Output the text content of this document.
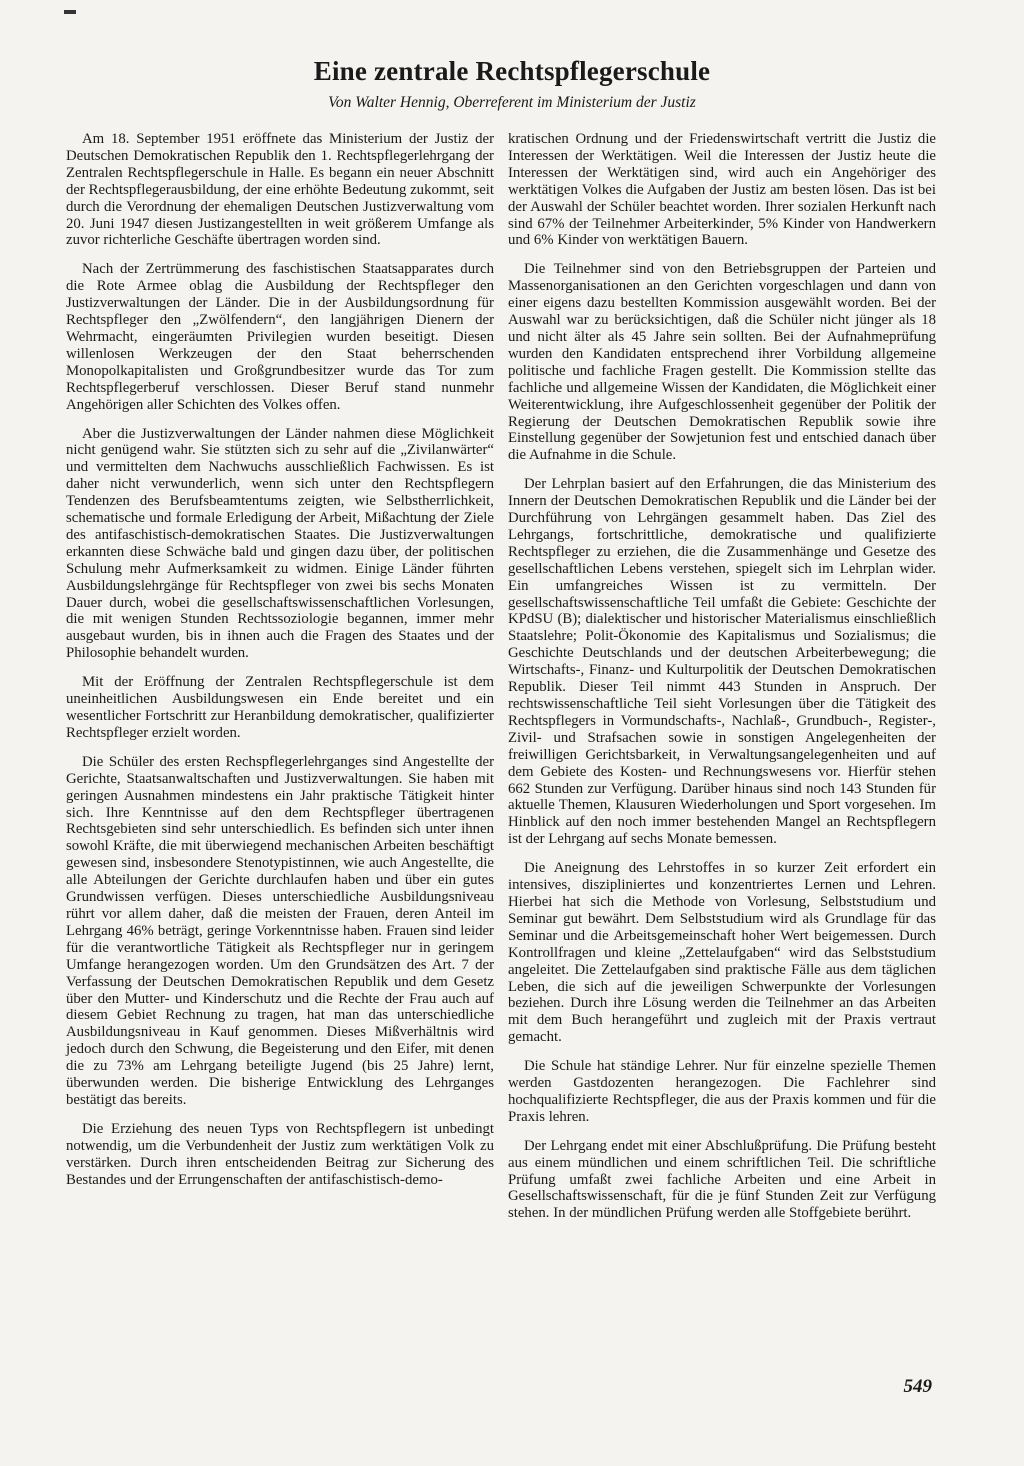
Eine zentrale Rechtspflegerschule
Von Walter Hennig, Oberreferent im Ministerium der Justiz

Am 18. September 1951 eröffnete das Ministerium der Justiz der Deutschen Demokratischen Republik den 1. Rechtspflegerlehrgang der Zentralen Rechtspflegerschule in Halle. Es begann ein neuer Abschnitt der Rechtspflegerausbildung, der eine erhöhte Bedeutung zukommt, seit durch die Verordnung der ehemaligen Deutschen Justizverwaltung vom 20. Juni 1947 diesen Justizangestellten in weit größerem Umfange als zuvor richterliche Geschäfte übertragen worden sind.

Nach der Zertrümmerung des faschistischen Staatsapparates durch die Rote Armee oblag die Ausbildung der Rechtspfleger den Justizverwaltungen der Länder. Die in der Ausbildungsordnung für Rechtspfleger den „Zwölfendern“, den langjährigen Dienern der Wehrmacht, eingeräumten Privilegien wurden beseitigt. Diesen willenlosen Werkzeugen der den Staat beherrschenden Monopolkapitalisten und Großgrundbesitzer wurde das Tor zum Rechtspflegerberuf verschlossen. Dieser Beruf stand nunmehr Angehörigen aller Schichten des Volkes offen.

Aber die Justizverwaltungen der Länder nahmen diese Möglichkeit nicht genügend wahr. Sie stützten sich zu sehr auf die „Zivilanwärter“ und vermittelten dem Nachwuchs ausschließlich Fachwissen. Es ist daher nicht verwunderlich, wenn sich unter den Rechtspflegern Tendenzen des Berufsbeamtentums zeigten, wie Selbstherrlichkeit, schematische und formale Erledigung der Arbeit, Mißachtung der Ziele des antifaschistisch-demokratischen Staates. Die Justizverwaltungen erkannten diese Schwäche bald und gingen dazu über, der politischen Schulung mehr Aufmerksamkeit zu widmen. Einige Länder führten Ausbildungslehrgänge für Rechtspfleger von zwei bis sechs Monaten Dauer durch, wobei die gesellschaftswissenschaftlichen Vorlesungen, die mit wenigen Stunden Rechtssoziologie begannen, immer mehr ausgebaut wurden, bis in ihnen auch die Fragen des Staates und der Philosophie behandelt wurden.

Mit der Eröffnung der Zentralen Rechtspflegerschule ist dem uneinheitlichen Ausbildungswesen ein Ende bereitet und ein wesentlicher Fortschritt zur Heranbildung demokratischer, qualifizierter Rechtspfleger erzielt worden.

Die Schüler des ersten Rechspflegerlehrganges sind Angestellte der Gerichte, Staatsanwaltschaften und Justizverwaltungen. Sie haben mit geringen Ausnahmen mindestens ein Jahr praktische Tätigkeit hinter sich. Ihre Kenntnisse auf den dem Rechtspfleger übertragenen Rechtsgebieten sind sehr unterschiedlich. Es befinden sich unter ihnen sowohl Kräfte, die mit überwiegend mechanischen Arbeiten beschäftigt gewesen sind, insbesondere Stenotypistinnen, wie auch Angestellte, die alle Abteilungen der Gerichte durchlaufen haben und über ein gutes Grundwissen verfügen. Dieses unterschiedliche Ausbildungsniveau rührt vor allem daher, daß die meisten der Frauen, deren Anteil im Lehrgang 46% beträgt, geringe Vorkenntnisse haben. Frauen sind leider für die verantwortliche Tätigkeit als Rechtspfleger nur in geringem Umfange herangezogen worden. Um den Grundsätzen des Art. 7 der Verfassung der Deutschen Demokratischen Republik und dem Gesetz über den Mutter- und Kinderschutz und die Rechte der Frau auch auf diesem Gebiet Rechnung zu tragen, hat man das unterschiedliche Ausbildungsniveau in Kauf genommen. Dieses Mißverhältnis wird jedoch durch den Schwung, die Begeisterung und den Eifer, mit denen die zu 73% am Lehrgang beteiligte Jugend (bis 25 Jahre) lernt, überwunden werden. Die bisherige Entwicklung des Lehrganges bestätigt das bereits.

Die Erziehung des neuen Typs von Rechtspflegern ist unbedingt notwendig, um die Verbundenheit der Justiz zum werktätigen Volk zu verstärken. Durch ihren entscheidenden Beitrag zur Sicherung des Bestandes und der Errungenschaften der antifaschistisch-demo-

kratischen Ordnung und der Friedenswirtschaft vertritt die Justiz die Interessen der Werktätigen. Weil die Interessen der Justiz heute die Interessen der Werktätigen sind, wird auch ein Angehöriger des werktätigen Volkes die Aufgaben der Justiz am besten lösen. Das ist bei der Auswahl der Schüler beachtet worden. Ihrer sozialen Herkunft nach sind 67% der Teilnehmer Arbeiterkinder, 5% Kinder von Handwerkern und 6% Kinder von werktätigen Bauern.

Die Teilnehmer sind von den Betriebsgruppen der Parteien und Massenorganisationen an den Gerichten vorgeschlagen und dann von einer eigens dazu bestellten Kommission ausgewählt worden. Bei der Auswahl war zu berücksichtigen, daß die Schüler nicht jünger als 18 und nicht älter als 45 Jahre sein sollten. Bei der Aufnahmeprüfung wurden den Kandidaten entsprechend ihrer Vorbildung allgemeine politische und fachliche Fragen gestellt. Die Kommission stellte das fachliche und allgemeine Wissen der Kandidaten, die Möglichkeit einer Weiterentwicklung, ihre Aufgeschlossenheit gegenüber der Politik der Regierung der Deutschen Demokratischen Republik sowie ihre Einstellung gegenüber der Sowjetunion fest und entschied danach über die Aufnahme in die Schule.

Der Lehrplan basiert auf den Erfahrungen, die das Ministerium des Innern der Deutschen Demokratischen Republik und die Länder bei der Durchführung von Lehrgängen gesammelt haben. Das Ziel des Lehrgangs, fortschrittliche, demokratische und qualifizierte Rechtspfleger zu erziehen, die die Zusammenhänge und Gesetze des gesellschaftlichen Lebens verstehen, spiegelt sich im Lehrplan wider. Ein umfangreiches Wissen ist zu vermitteln. Der gesellschaftswissenschaftliche Teil umfaßt die Gebiete: Geschichte der KPdSU (B); dialektischer und historischer Materialismus einschließlich Staatslehre; Polit-Ökonomie des Kapitalismus und Sozialismus; die Geschichte Deutschlands und der deutschen Arbeiterbewegung; die Wirtschafts-, Finanz- und Kulturpolitik der Deutschen Demokratischen Republik. Dieser Teil nimmt 443 Stunden in Anspruch. Der rechtswissenschaftliche Teil sieht Vorlesungen über die Tätigkeit des Rechtspflegers in Vormundschafts-, Nachlaß-, Grundbuch-, Register-, Zivil- und Strafsachen sowie in sonstigen Angelegenheiten der freiwilligen Gerichtsbarkeit, in Verwaltungsangelegenheiten und auf dem Gebiete des Kosten- und Rechnungswesens vor. Hierfür stehen 662 Stunden zur Verfügung. Darüber hinaus sind noch 143 Stunden für aktuelle Themen, Klausuren Wiederholungen und Sport vorgesehen. Im Hinblick auf den noch immer bestehenden Mangel an Rechtspflegern ist der Lehrgang auf sechs Monate bemessen.

Die Aneignung des Lehrstoffes in so kurzer Zeit erfordert ein intensives, diszipliniertes und konzentriertes Lernen und Lehren. Hierbei hat sich die Methode von Vorlesung, Selbststudium und Seminar gut bewährt. Dem Selbststudium wird als Grundlage für das Seminar und die Arbeitsgemeinschaft hoher Wert beigemessen. Durch Kontrollfragen und kleine „Zettelaufgaben“ wird das Selbststudium angeleitet. Die Zettelaufgaben sind praktische Fälle aus dem täglichen Leben, die sich auf die jeweiligen Schwerpunkte der Vorlesungen beziehen. Durch ihre Lösung werden die Teilnehmer an das Arbeiten mit dem Buch herangeführt und zugleich mit der Praxis vertraut gemacht.

Die Schule hat ständige Lehrer. Nur für einzelne spezielle Themen werden Gastdozenten herangezogen. Die Fachlehrer sind hochqualifizierte Rechtspfleger, die aus der Praxis kommen und für die Praxis lehren.

Der Lehrgang endet mit einer Abschlußprüfung. Die Prüfung besteht aus einem mündlichen und einem schriftlichen Teil. Die schriftliche Prüfung umfaßt zwei fachliche Arbeiten und eine Arbeit in Gesellschaftswissenschaft, für die je fünf Stunden Zeit zur Verfügung stehen. In der mündlichen Prüfung werden alle Stoffgebiete berührt.

549
